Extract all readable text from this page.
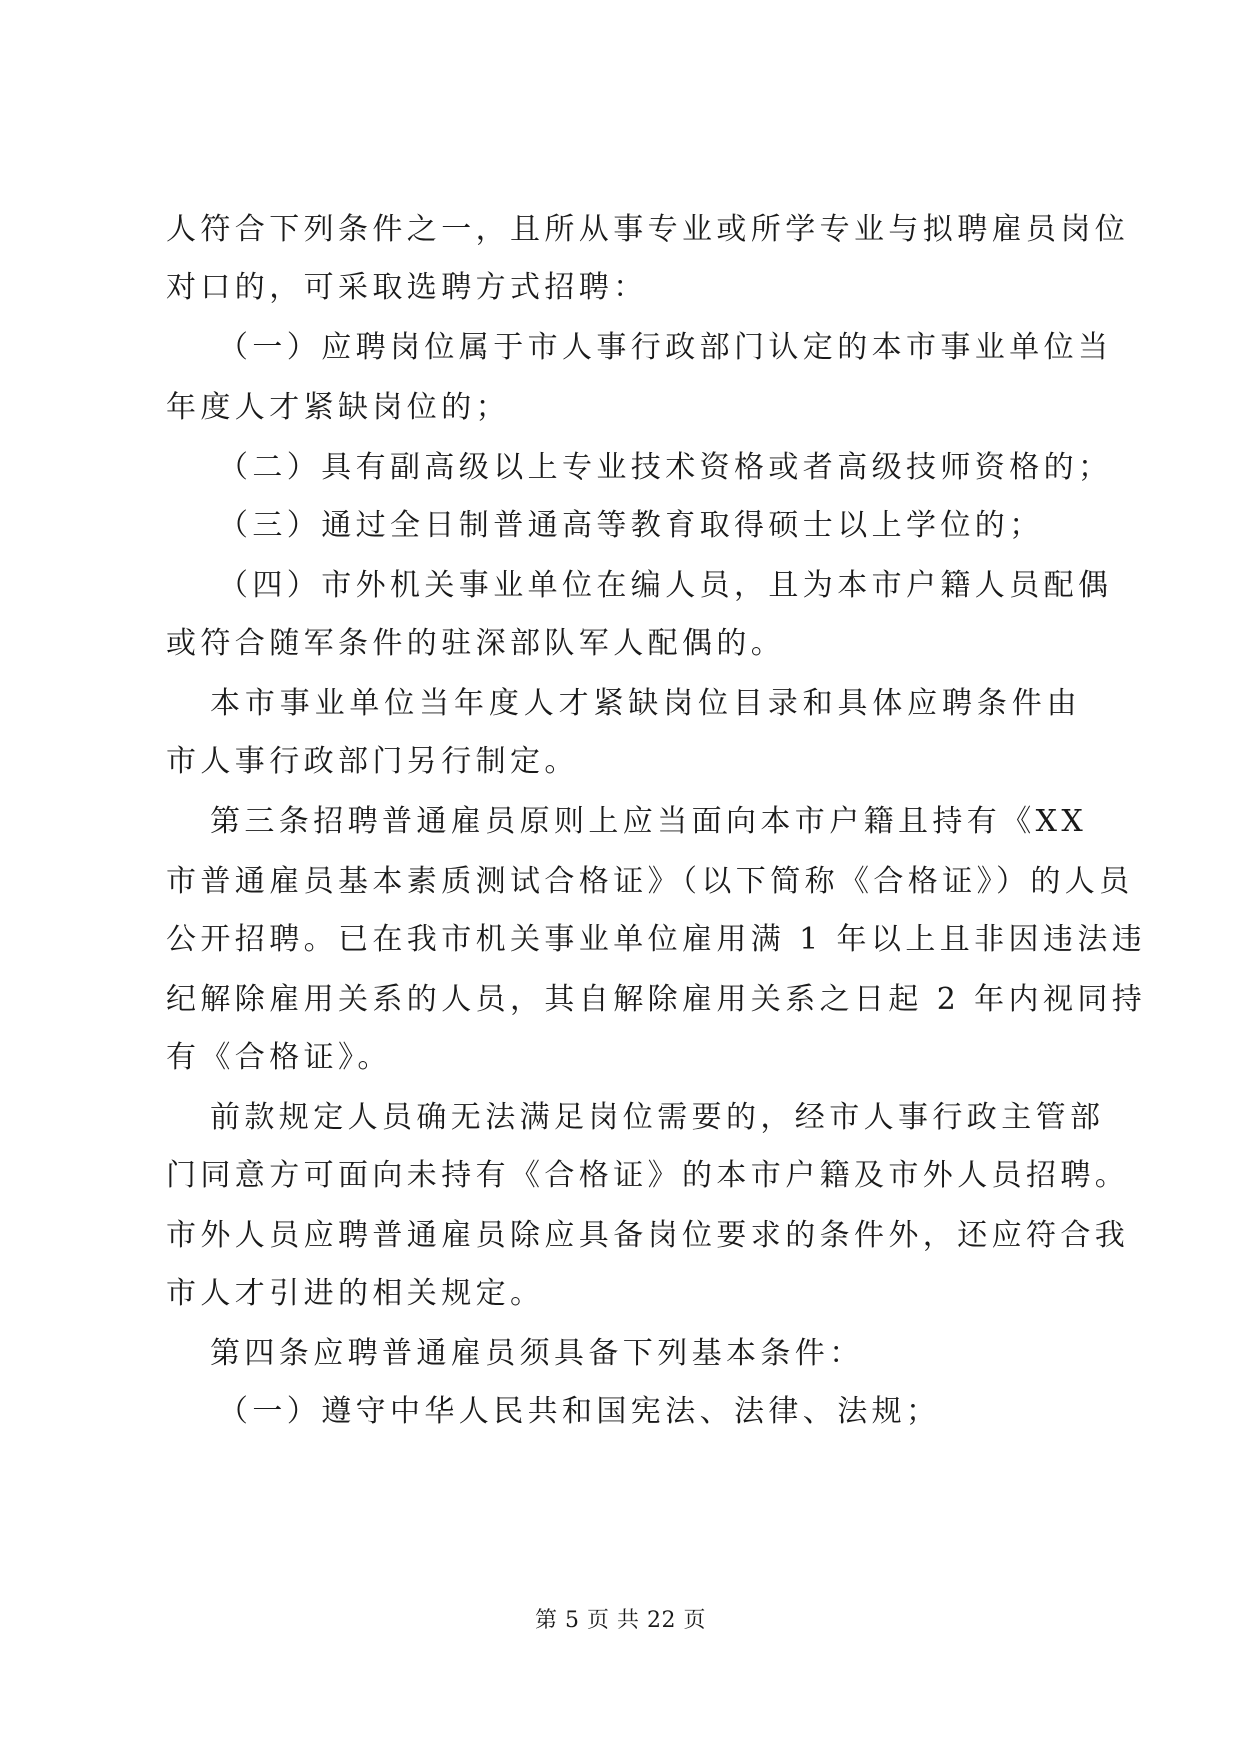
人符合下列条件之一，且所从事专业或所学专业与拟聘雇员岗位
对口的，可采取选聘方式招聘：
（一）应聘岗位属于市人事行政部门认定的本市事业单位当
年度人才紧缺岗位的；
（二）具有副高级以上专业技术资格或者高级技师资格的；
（三）通过全日制普通高等教育取得硕士以上学位的；
（四）市外机关事业单位在编人员，且为本市户籍人员配偶
或符合随军条件的驻深部队军人配偶的。
本市事业单位当年度人才紧缺岗位目录和具体应聘条件由
市人事行政部门另行制定。
第三条招聘普通雇员原则上应当面向本市户籍且持有《XX
市普通雇员基本素质测试合格证》（以下简称《合格证》）的人员
公开招聘。已在我市机关事业单位雇用满 1 年以上且非因违法违
纪解除雇用关系的人员，其自解除雇用关系之日起 2 年内视同持
有《合格证》。
前款规定人员确无法满足岗位需要的，经市人事行政主管部
门同意方可面向未持有《合格证》的本市户籍及市外人员招聘。
市外人员应聘普通雇员除应具备岗位要求的条件外，还应符合我
市人才引进的相关规定。
第四条应聘普通雇员须具备下列基本条件：
（一）遵守中华人民共和国宪法、法律、法规；
第 5 页 共 22 页
